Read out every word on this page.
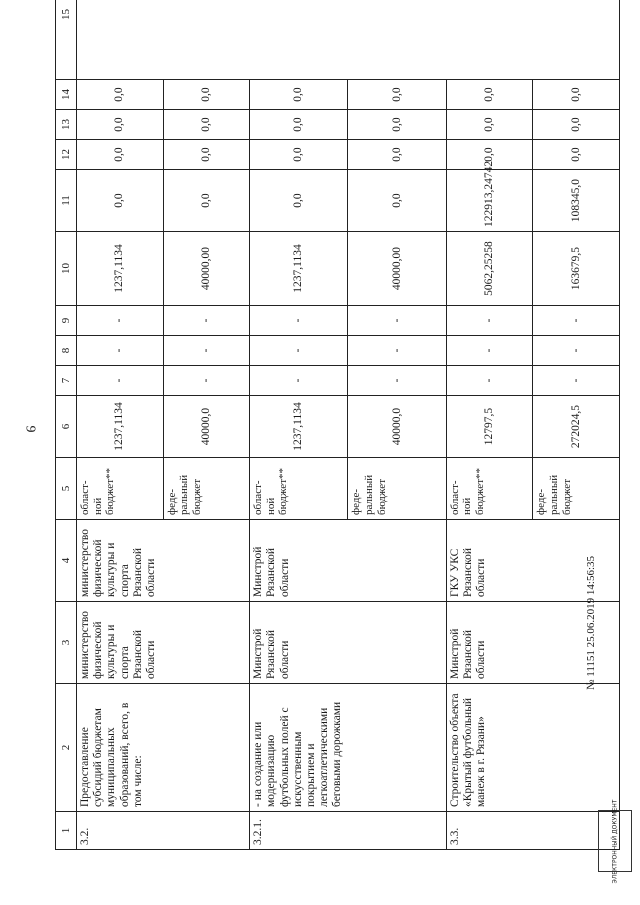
9
1	2	3	4	5	6	7	8	9	10	11	12	13	14	15
3.2.	Предоставление субсидий бюджетам муниципальных образований, всего, в том числе:	министерство физической культуры и спорта Рязанской области	министерство физической культуры и спорта Рязанской области	област- ной бюджет**	1237,1134	-	-	-	1237,1134	0,0	0,0	0,0	0,0	
				феде- ральный бюджет	40000,0	-	-	-	40000,00	0,0	0,0	0,0	0,0	
3.2.1.	- на создание или модернизацию футбольных полей с искусственным покрытием и легкоатлетическими беговыми дорожками	Минстрой Рязанской области	Минстрой Рязанской области	област- ной бюджет**	1237,1134	-	-	-	1237,1134	0,0	0,0	0,0	0,0	
				феде- ральный бюджет	40000,0	-	-	-	40000,00	0,0	0,0	0,0	0,0	
3.3.	Строительство объекта «Крытый футбольный манеж в г. Рязани»	Минстрой Рязанской области	ГКУ УКС Рязанской области	област- ной бюджет**	12797,5	-	-	-	5062,25258	122913,24742	0,0	0,0	0,0	
				феде- ральный бюджет	272024,5	-	-	-	163679,5	108345,0	0,0	0,0	0,0	
№ 11151 25.06.2019 14:56:35
ЭЛЕКТРОННЫЙ ДОКУМЕНТ
